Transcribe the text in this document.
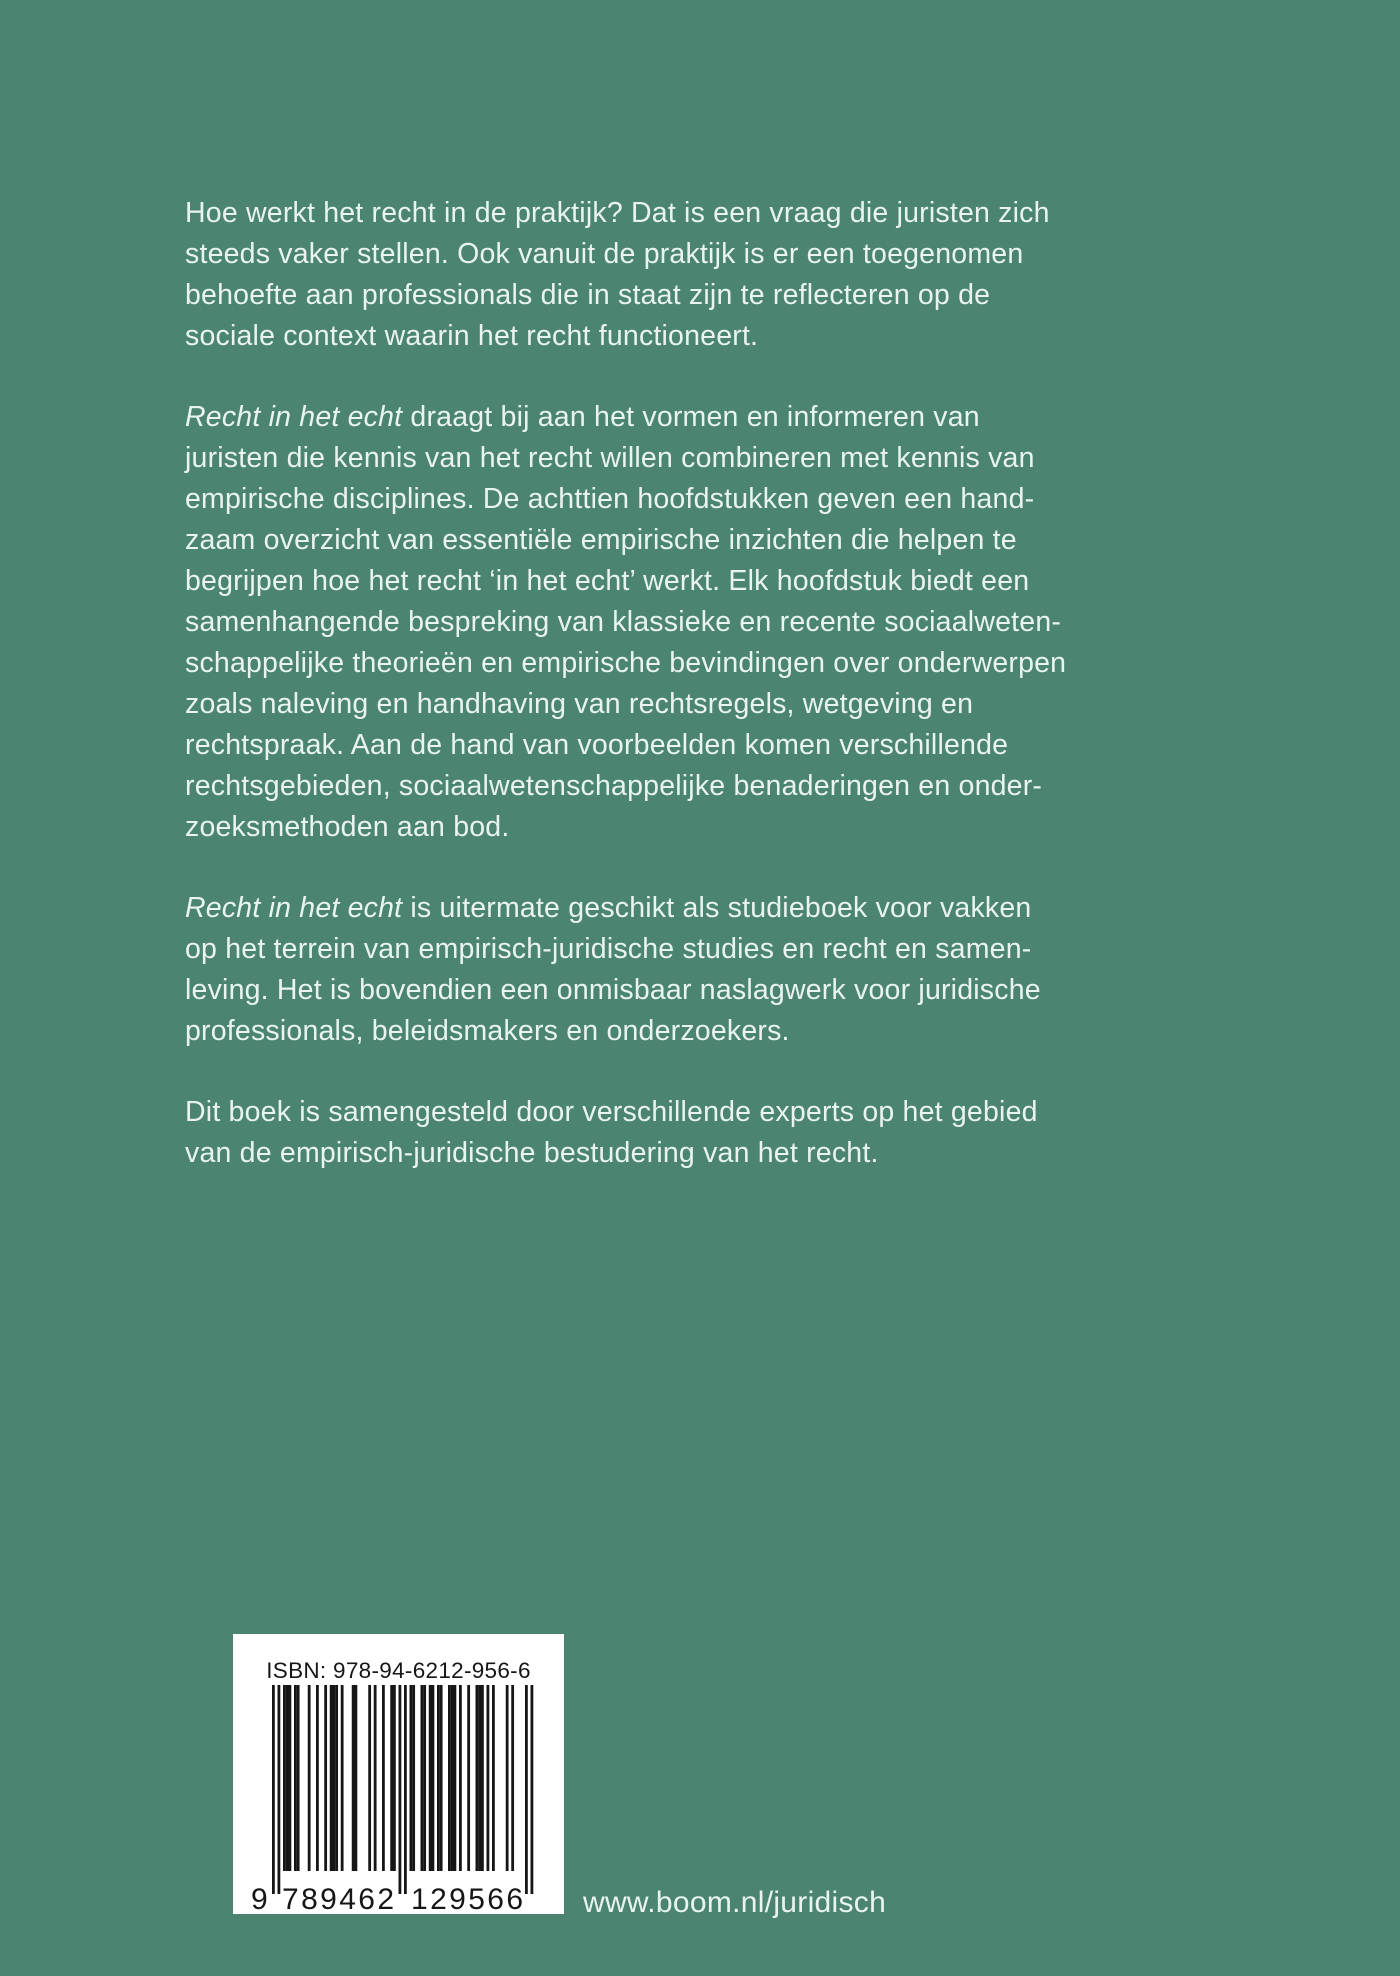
Hoe werkt het recht in de praktijk? Dat is een vraag die juristen zich
steeds vaker stellen. Ook vanuit de praktijk is er een toegenomen
behoefte aan professionals die in staat zijn te reflecteren op de
sociale context waarin het recht functioneert.

Recht in het echt draagt bij aan het vormen en informeren van
juristen die kennis van het recht willen combineren met kennis van
empirische disciplines. De achttien hoofdstukken geven een hand-
zaam overzicht van essentiële empirische inzichten die helpen te
begrijpen hoe het recht ‘in het echt’ werkt. Elk hoofdstuk biedt een
samenhangende bespreking van klassieke en recente sociaalweten-
schappelijke theorieën en empirische bevindingen over onderwerpen
zoals naleving en handhaving van rechtsregels, wetgeving en
rechtspraak. Aan de hand van voorbeelden komen verschillende
rechtsgebieden, sociaalwetenschappelijke benaderingen en onder-
zoeksmethoden aan bod.

Recht in het echt is uitermate geschikt als studieboek voor vakken
op het terrein van empirisch-juridische studies en recht en samen-
leving. Het is bovendien een onmisbaar naslagwerk voor juridische
professionals, beleidsmakers en onderzoekers.

Dit boek is samengesteld door verschillende experts op het gebied
van de empirisch-juridische bestudering van het recht.

ISBN: 978-94-6212-956-6
9 789462 129566 www.boom.nl/juridisch
